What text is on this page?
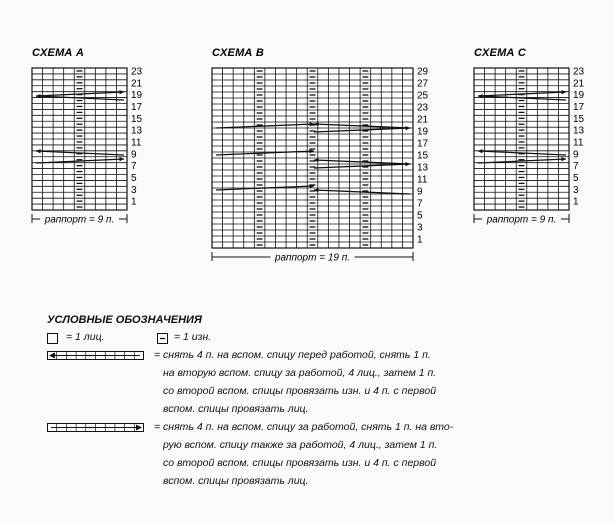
СХЕМА А
23
21
19
17
15
13
11
9
7
5
3
1
раппорт = 9 п.
СХЕМА В
29
27
25
23
21
19
17
15
13
11
9
7
5
3
1
раппорт = 19 п.
СХЕМА С
23
21
19
17
15
13
11
9
7
5
3
1
раппорт = 9 п.
УСЛОВНЫЕ ОБОЗНАЧЕНИЯ
= 1 лиц.	= 1 изн.
= снять 4 п. на вспом. спицу перед работой, снять 1 п.
на вторую вспом. спицу за работой, 4 лиц., затем 1 п.
со второй вспом. спицы провязать изн. и 4 п. с первой
вспом. спицы провязать лиц.
= снять 4 п. на вспом. спицу за работой, снять 1 п. на вто-
рую вспом. спицу также за работой, 4 лиц., затем 1 п.
со второй вспом. спицы провязать изн. и 4 п. с первой
вспом. спицы провязать лиц.
